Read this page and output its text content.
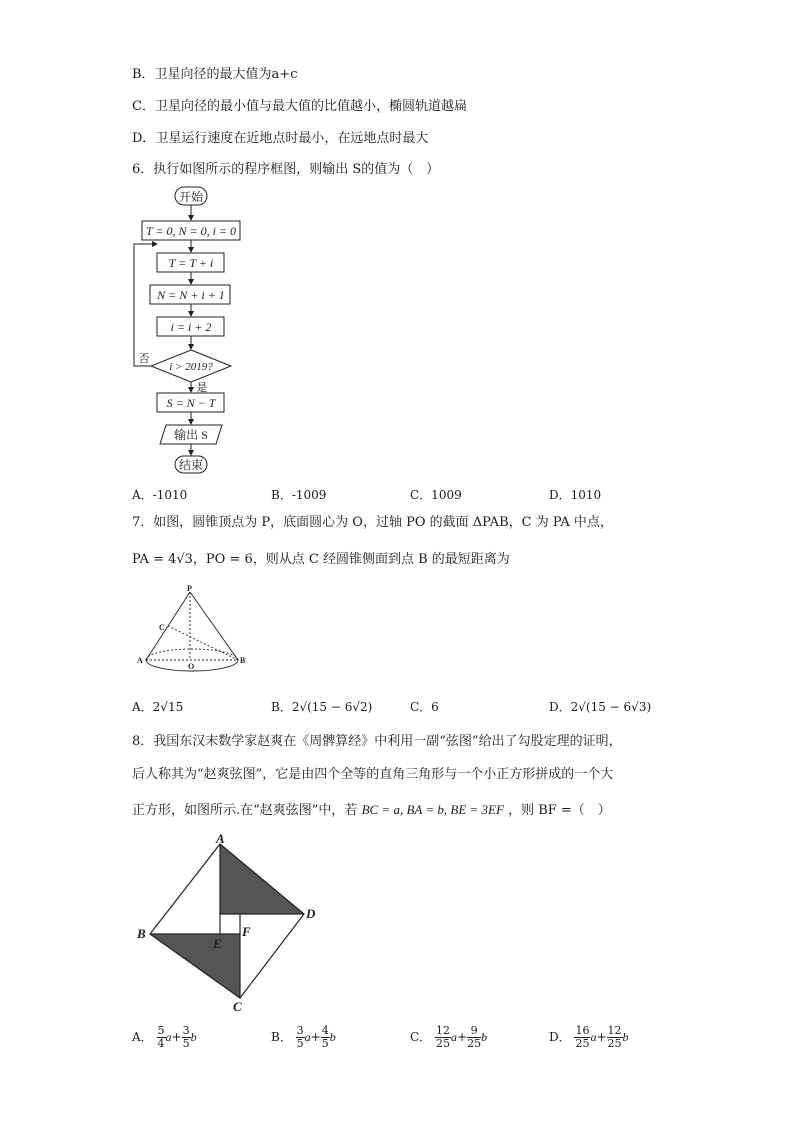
B．卫星向径的最大值为a+c
C．卫星向径的最小值与最大值的比值越小，椭圆轨道越扁
D．卫星运行速度在近地点时最小，在远地点时最大
6．执行如图所示的程序框图，则输出 S的值为（　）
开始
T = 0, N = 0, i = 0
T = T + i
N = N + i + 1
i = i + 2
i > 2019?
否
是
S = N − T
输出 S
结束
A．-1010	B．-1009	C．1009	D．1010
7．如图，圆锥顶点为 P，底面圆心为 O，过轴 PO 的截面 ΔPAB，C 为 PA 中点，
PA = 4√3，PO = 6，则从点 C 经圆锥侧面到点 B 的最短距离为
P
C
A
O
B
A．2√15	B．2√(15 − 6√2)	C．6	D．2√(15 − 6√3)
8．我国东汉末数学家赵爽在《周髀算经》中利用一副“弦图”给出了勾股定理的证明，
后人称其为“赵爽弦图”，它是由四个全等的直角三角形与一个小正方形拼成的一个大
正方形，如图所示.在“赵爽弦图”中，若 BC = a, BA = b, BE = 3EF ，则 BF =（　）
A
B
C
D
E
F
A． $\frac{5}{4} a+ \frac{3}{5}$ b	B． $\frac{3}{5} a+ \frac{4}{5}$ b	C． $\frac{12}{25} a+ \frac{9}{25}$ b	D． $\frac{16}{25} a+ \frac{12}{25}$ b
